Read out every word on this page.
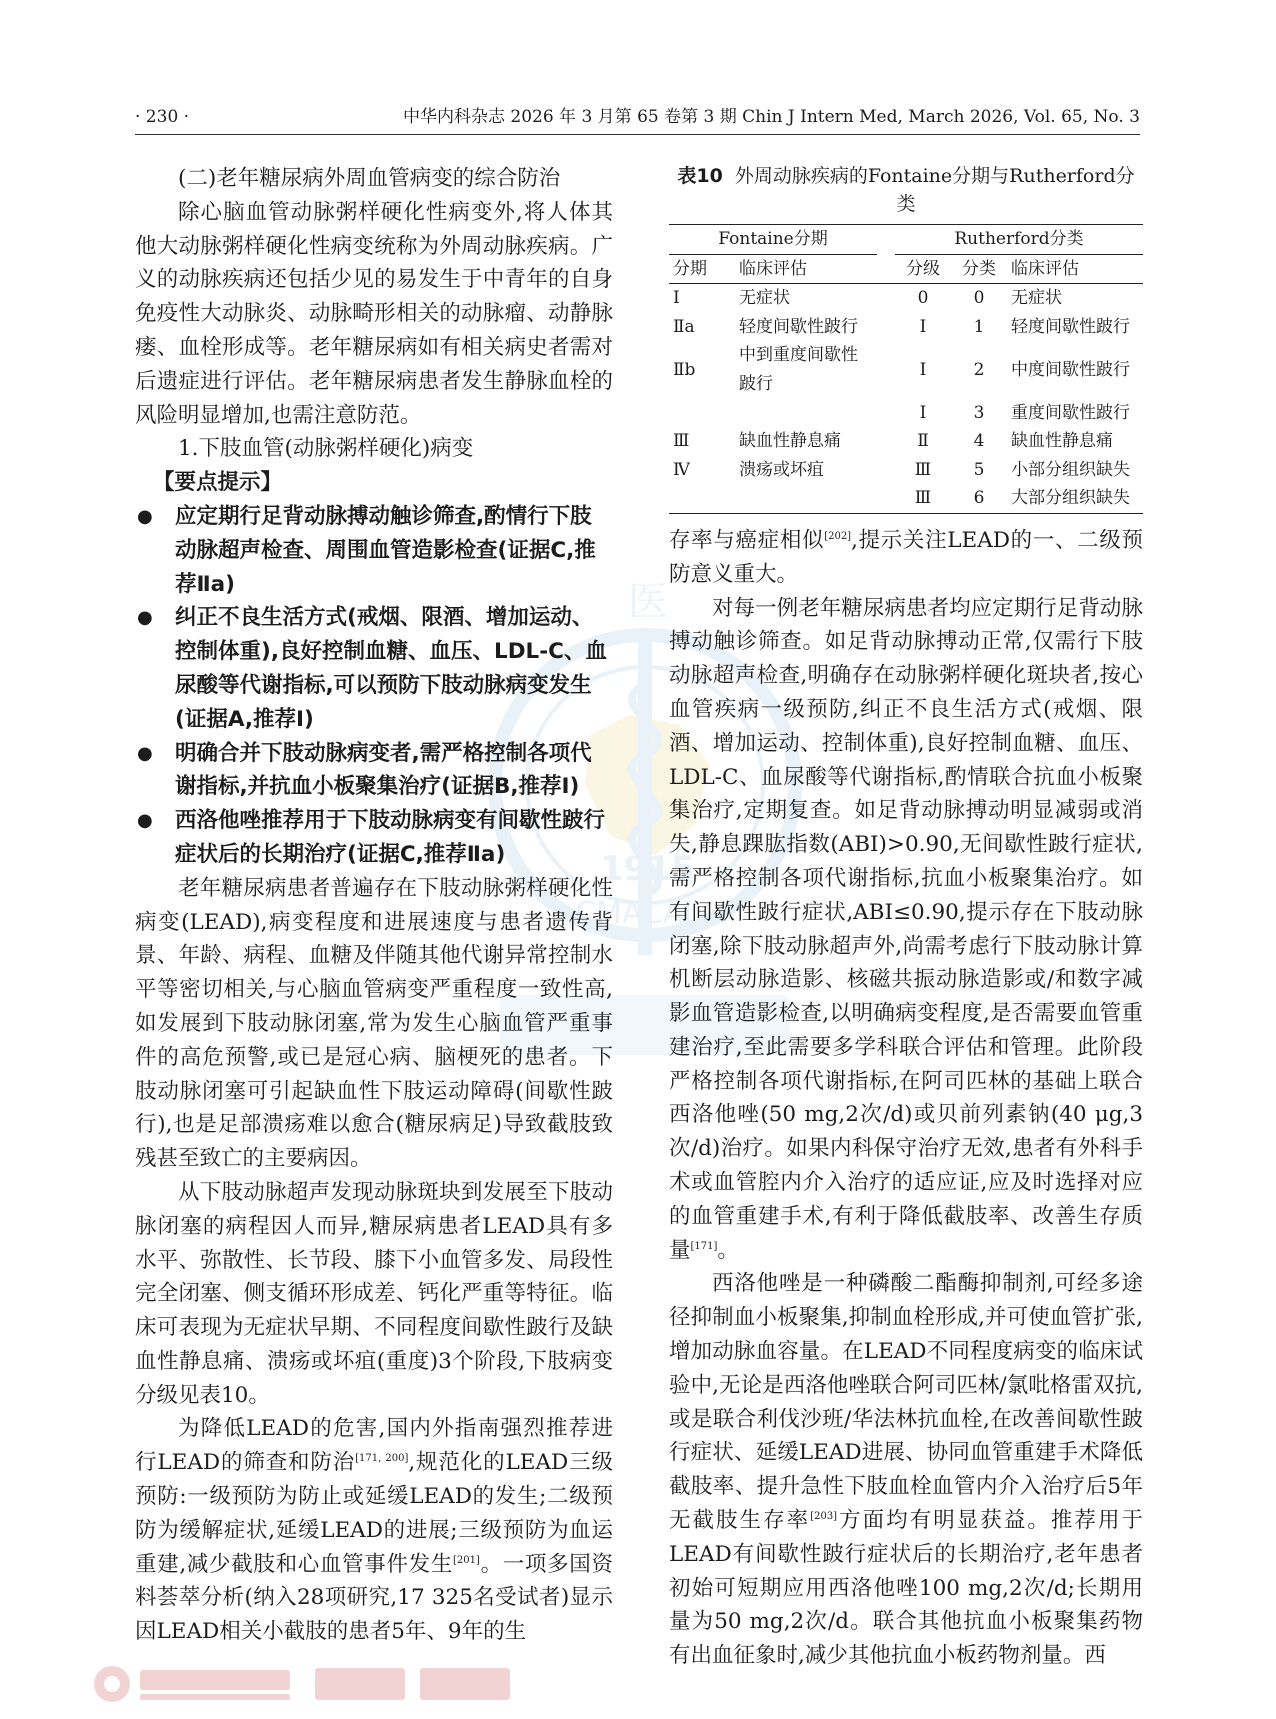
· 230 ·	中华内科杂志 2026 年 3 月第 65 卷第 3 期 Chin J Intern Med, March 2026, Vol. 65, No. 3
医
1915
CMACAL

(二)老年糖尿病外周血管病变的综合防治

除心脑血管动脉粥样硬化性病变外,将人体其他大动脉粥样硬化性病变统称为外周动脉疾病。广义的动脉疾病还包括少见的易发生于中青年的自身免疫性大动脉炎、动脉畸形相关的动脉瘤、动静脉瘘、血栓形成等。老年糖尿病如有相关病史者需对后遗症进行评估。老年糖尿病患者发生静脉血栓的风险明显增加,也需注意防范。

1.下肢血管(动脉粥样硬化)病变

【要点提示】

● 应定期行足背动脉搏动触诊筛查,酌情行下肢动脉超声检查、周围血管造影检查(证据C,推荐Ⅱa)
● 纠正不良生活方式(戒烟、限酒、增加运动、控制体重),良好控制血糖、血压、LDL-C、血尿酸等代谢指标,可以预防下肢动脉病变发生(证据A,推荐Ⅰ)
● 明确合并下肢动脉病变者,需严格控制各项代谢指标,并抗血小板聚集治疗(证据B,推荐Ⅰ)
● 西洛他唑推荐用于下肢动脉病变有间歇性跛行症状后的长期治疗(证据C,推荐Ⅱa)

老年糖尿病患者普遍存在下肢动脉粥样硬化性病变(LEAD),病变程度和进展速度与患者遗传背景、年龄、病程、血糖及伴随其他代谢异常控制水平等密切相关,与心脑血管病变严重程度一致性高,如发展到下肢动脉闭塞,常为发生心脑血管严重事件的高危预警,或已是冠心病、脑梗死的患者。下肢动脉闭塞可引起缺血性下肢运动障碍(间歇性跛行),也是足部溃疡难以愈合(糖尿病足)导致截肢致残甚至致亡的主要病因。

从下肢动脉超声发现动脉斑块到发展至下肢动脉闭塞的病程因人而异,糖尿病患者LEAD具有多水平、弥散性、长节段、膝下小血管多发、局段性完全闭塞、侧支循环形成差、钙化严重等特征。临床可表现为无症状早期、不同程度间歇性跛行及缺血性静息痛、溃疡或坏疽(重度)3个阶段,下肢病变分级见表10。

为降低LEAD的危害,国内外指南强烈推荐进行LEAD的筛查和防治[171, 200],规范化的LEAD三级预防:一级预防为防止或延缓LEAD的发生;二级预防为缓解症状,延缓LEAD的进展;三级预防为血运重建,减少截肢和心血管事件发生[201]。一项多国资料荟萃分析(纳入28项研究,17 325名受试者)显示因LEAD相关小截肢的患者5年、9年的生

表10 外周动脉疾病的Fontaine分期与Rutherford分类

Fontaine分期			Rutherford分类		
分期	临床评估		分级	分类	临床评估
Ⅰ	无症状		0	0	无症状
Ⅱa	轻度间歇性跛行		Ⅰ	1	轻度间歇性跛行
Ⅱb	中到重度间歇性跛行		Ⅰ	2	中度间歇性跛行
			Ⅰ	3	重度间歇性跛行
Ⅲ	缺血性静息痛		Ⅱ	4	缺血性静息痛
Ⅳ	溃疡或坏疽		Ⅲ	5	小部分组织缺失
			Ⅲ	6	大部分组织缺失

存率与癌症相似[202],提示关注LEAD的一、二级预防意义重大。

对每一例老年糖尿病患者均应定期行足背动脉搏动触诊筛查。如足背动脉搏动正常,仅需行下肢动脉超声检查,明确存在动脉粥样硬化斑块者,按心血管疾病一级预防,纠正不良生活方式(戒烟、限酒、增加运动、控制体重),良好控制血糖、血压、LDL-C、血尿酸等代谢指标,酌情联合抗血小板聚集治疗,定期复查。如足背动脉搏动明显减弱或消失,静息踝肱指数(ABI)>0.90,无间歇性跛行症状,需严格控制各项代谢指标,抗血小板聚集治疗。如有间歇性跛行症状,ABI≤0.90,提示存在下肢动脉闭塞,除下肢动脉超声外,尚需考虑行下肢动脉计算机断层动脉造影、核磁共振动脉造影或/和数字减影血管造影检查,以明确病变程度,是否需要血管重建治疗,至此需要多学科联合评估和管理。此阶段严格控制各项代谢指标,在阿司匹林的基础上联合西洛他唑(50 mg,2次/d)或贝前列素钠(40 μg,3次/d)治疗。如果内科保守治疗无效,患者有外科手术或血管腔内介入治疗的适应证,应及时选择对应的血管重建手术,有利于降低截肢率、改善生存质量[171]。

西洛他唑是一种磷酸二酯酶抑制剂,可经多途径抑制血小板聚集,抑制血栓形成,并可使血管扩张,增加动脉血容量。在LEAD不同程度病变的临床试验中,无论是西洛他唑联合阿司匹林/氯吡格雷双抗,或是联合利伐沙班/华法林抗血栓,在改善间歇性跛行症状、延缓LEAD进展、协同血管重建手术降低截肢率、提升急性下肢血栓血管内介入治疗后5年无截肢生存率[203]方面均有明显获益。推荐用于LEAD有间歇性跛行症状后的长期治疗,老年患者初始可短期应用西洛他唑100 mg,2次/d;长期用量为50 mg,2次/d。联合其他抗血小板聚集药物有出血征象时,减少其他抗血小板药物剂量。西
